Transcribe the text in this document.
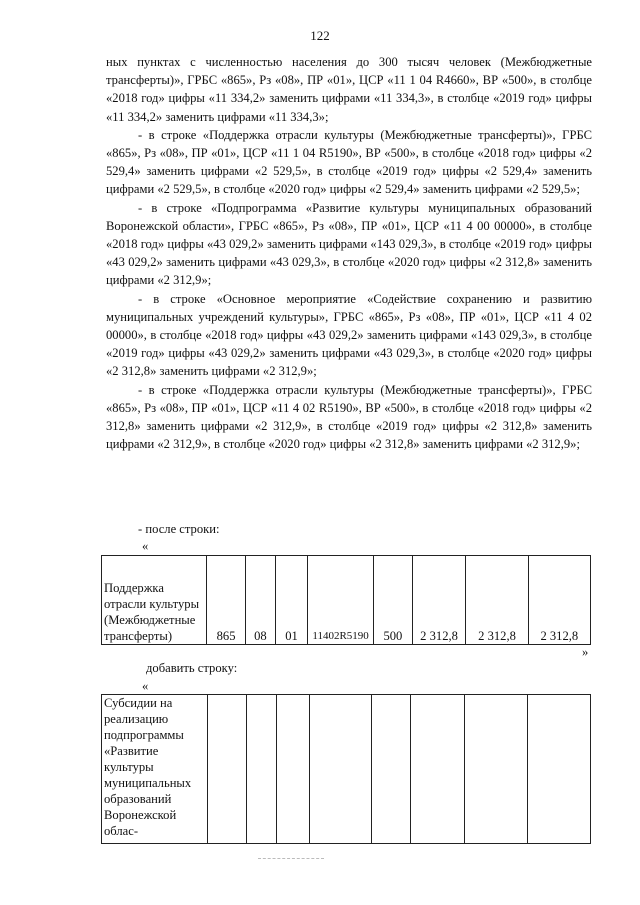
122

ных пунктах с численностью населения до 300 тысяч человек (Межбюджетные трансферты)», ГРБС «865», Рз «08», ПР «01», ЦСР «11 1 04 R4660», ВР «500», в столбце «2018 год» цифры «11 334,2» заменить цифрами «11 334,3», в столбце «2019 год» цифры «11 334,2» заменить цифрами «11 334,3»;

- в строке «Поддержка отрасли культуры (Межбюджетные трансферты)», ГРБС «865», Рз «08», ПР «01», ЦСР «11 1 04 R5190», ВР «500», в столбце «2018 год» цифры «2 529,4» заменить цифрами «2 529,5», в столбце «2019 год» цифры «2 529,4» заменить цифрами «2 529,5», в столбце «2020 год» цифры «2 529,4» заменить цифрами «2 529,5»;

- в строке «Подпрограмма «Развитие культуры муниципальных образований Воронежской области», ГРБС «865», Рз «08», ПР «01», ЦСР «11 4 00 00000», в столбце «2018 год» цифры «43 029,2» заменить цифрами «143 029,3», в столбце «2019 год» цифры «43 029,2» заменить цифрами «43 029,3», в столбце «2020 год» цифры «2 312,8» заменить цифрами «2 312,9»;

- в строке «Основное мероприятие «Содействие сохранению и развитию муниципальных учреждений культуры», ГРБС «865», Рз «08», ПР «01», ЦСР «11 4 02 00000», в столбце «2018 год» цифры «43 029,2» заменить цифрами «143 029,3», в столбце «2019 год» цифры «43 029,2» заменить цифрами «43 029,3», в столбце «2020 год» цифры «2 312,8» заменить цифрами «2 312,9»;

- в строке «Поддержка отрасли культуры (Межбюджетные трансферты)», ГРБС «865», Рз «08», ПР «01», ЦСР «11 4 02 R5190», ВР «500», в столбце «2018 год» цифры «2 312,8» заменить цифрами «2 312,9», в столбце «2019 год» цифры «2 312,8» заменить цифрами «2 312,9», в столбце «2020 год» цифры «2 312,8» заменить цифрами «2 312,9»;

- после строки:
«
Поддержка отрасли культуры (Межбюджетные трансферты)	865	08	01	11402R5190	500	2 312,8	2 312,8	2 312,8
»
добавить строку:
«
Субсидии на реализацию подпрограммы «Развитие культуры муниципальных образований Воронежской облас-								
